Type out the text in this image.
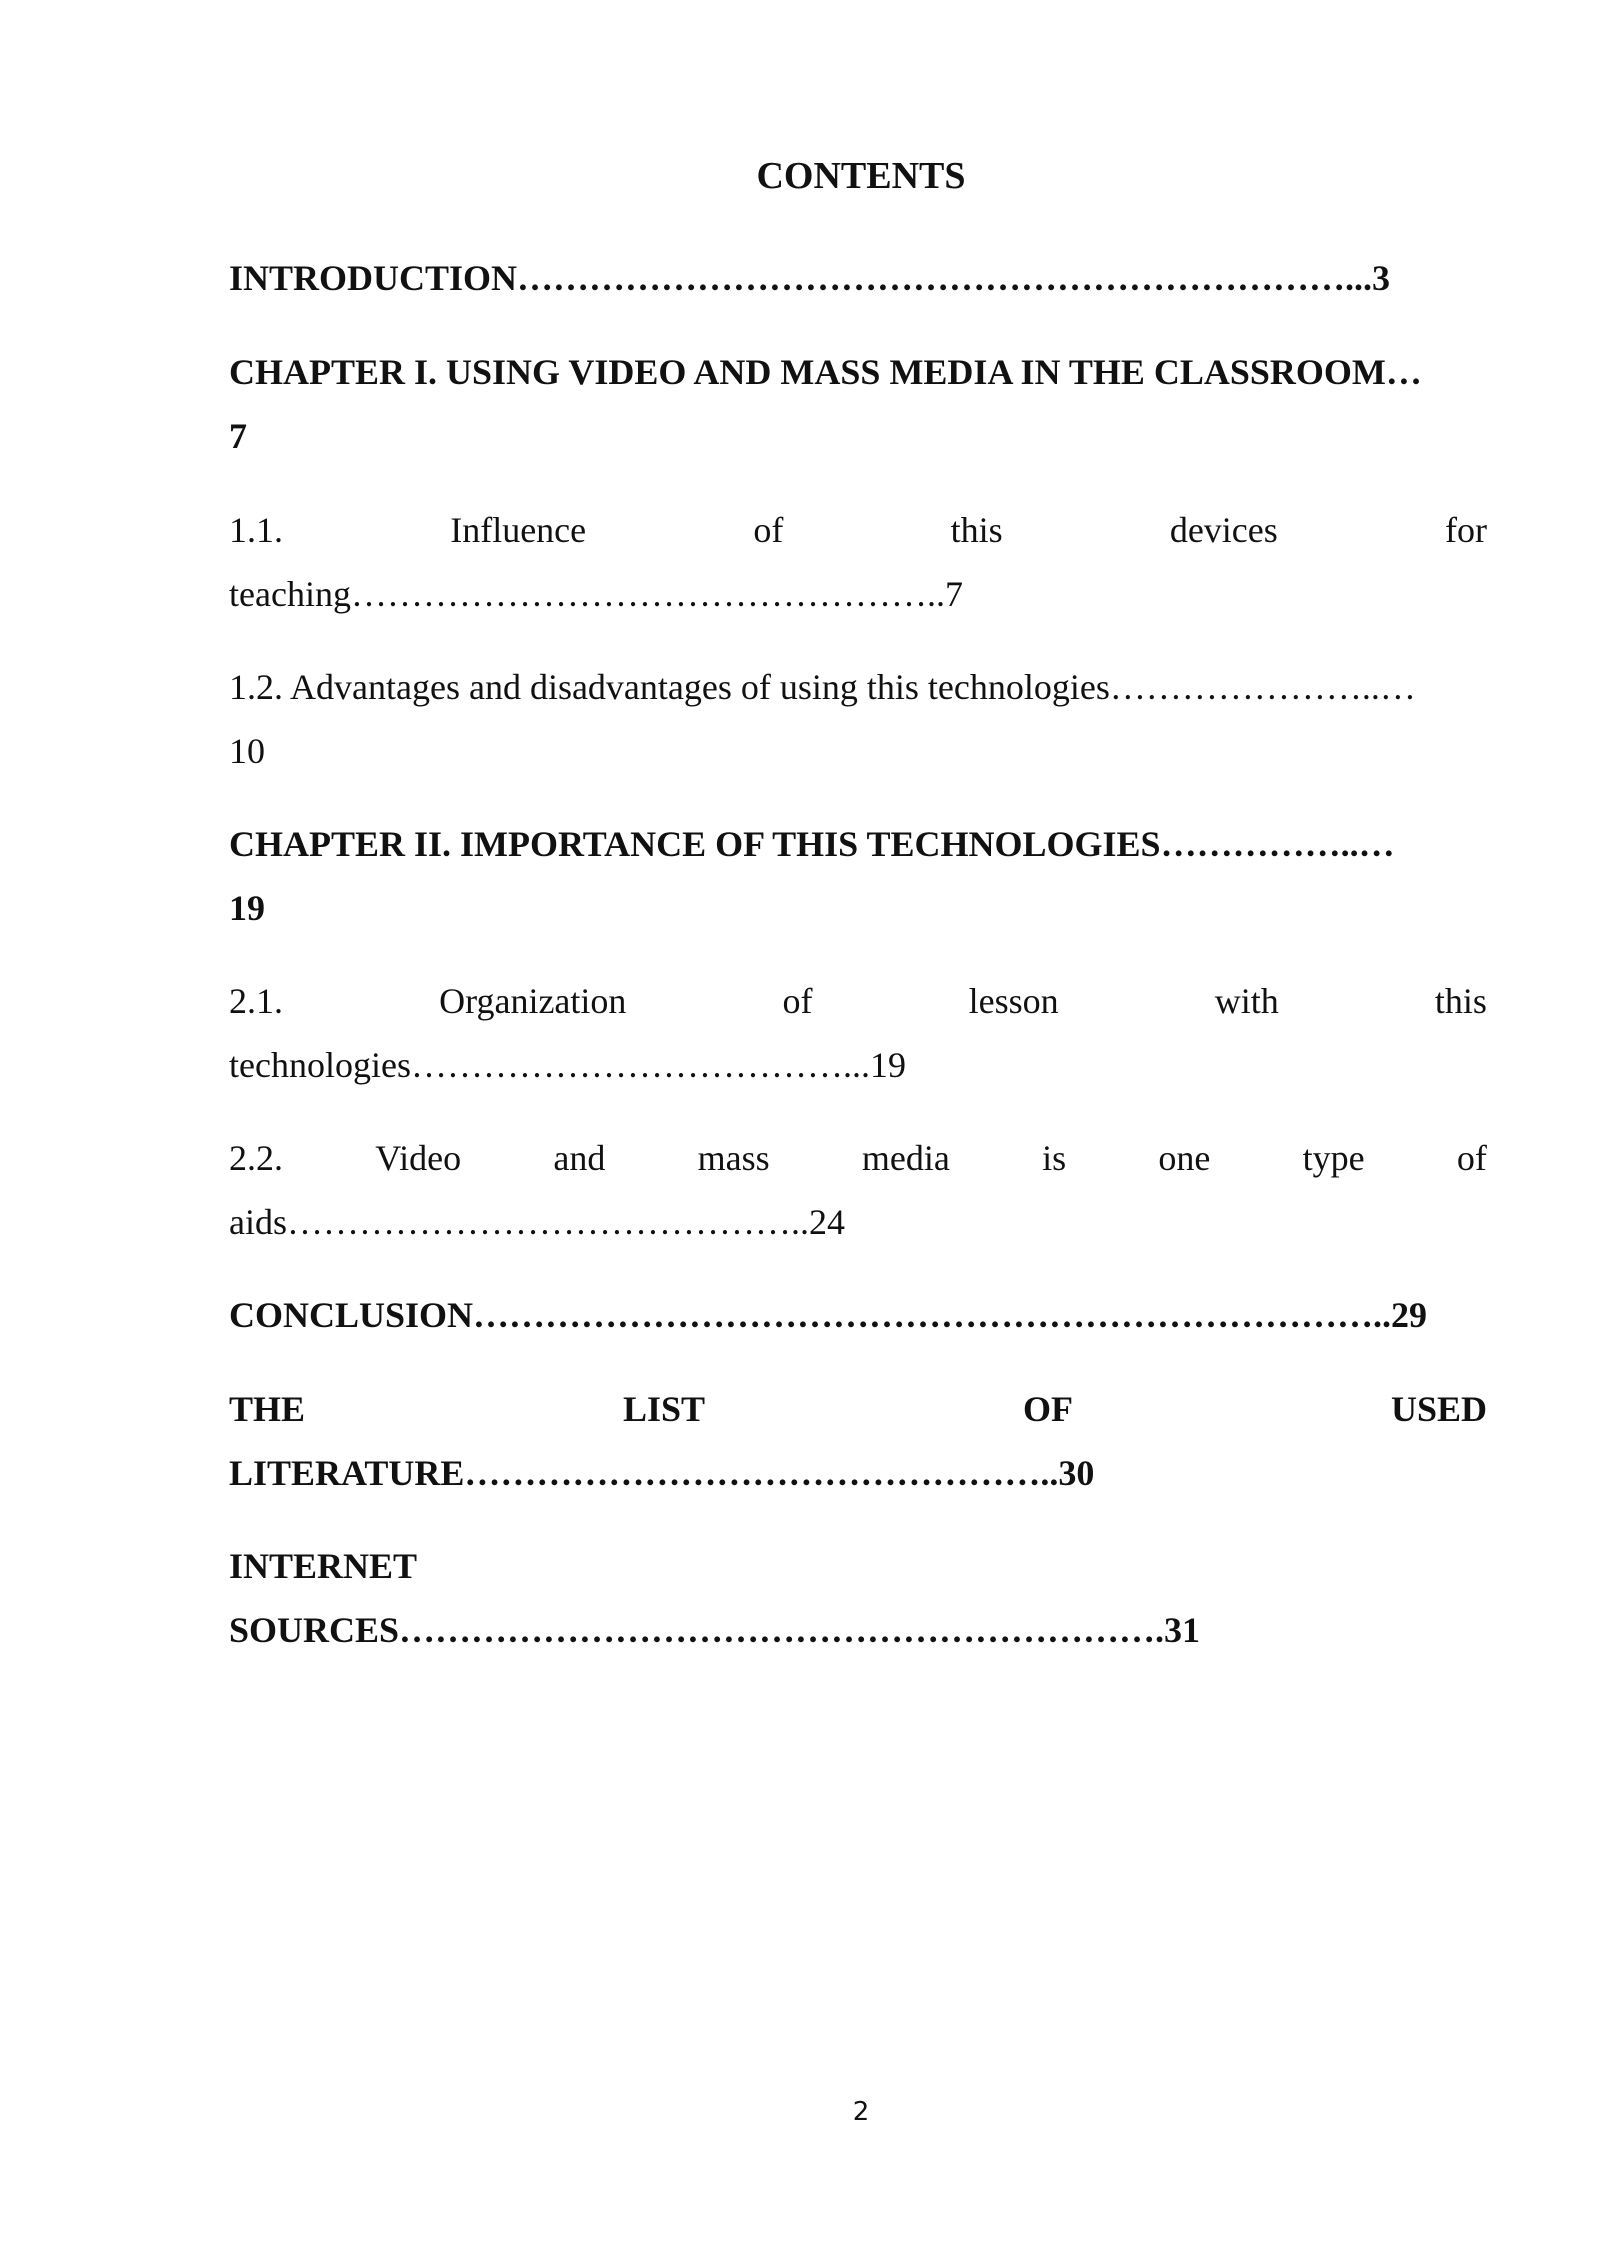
CONTENTS
INTRODUCTION……………………………………………………………...3
CHAPTER I. USING VIDEO AND MASS MEDIA IN THE CLASSROOM…
7
1.1.	Influence	of	this	devices	for
teaching…………………………………………..7
1.2. Advantages and disadvantages of using this technologies…………………..…
10
CHAPTER II. IMPORTANCE OF THIS TECHNOLOGIES……………..…
19
2.1.	Organization	of	lesson	with	this
technologies………………………………...19
2.2.	Video	and	mass	media	is	one	type	of
aids……………………………………..24
CONCLUSION…………………………………………………………………..29
THE	LIST	OF	USED
LITERATURE…………………………………………..30
INTERNET
SOURCES……………………………………………………….31
2
